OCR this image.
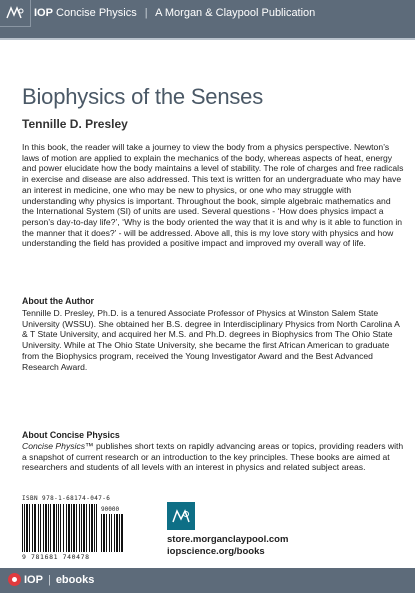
IOP Concise Physics | A Morgan & Claypool Publication
Biophysics of the Senses
Tennille D. Presley
In this book, the reader will take a journey to view the body from a physics perspective. Newton’s laws of motion are applied to explain the mechanics of the body, whereas aspects of heat, energy and power elucidate how the body maintains a level of stability. The role of charges and free radicals in exercise and disease are also addressed. This text is written for an undergraduate who may have an interest in medicine, one who may be new to physics, or one who may struggle with understanding why physics is important. Throughout the book, simple algebraic mathematics and the International System (SI) of units are used. Several questions - ‘How does physics impact a person’s day-to-day life?’, ‘Why is the body oriented the way that it is and why is it able to function in the manner that it does?’ - will be addressed. Above all, this is my love story with physics and how understanding the field has provided a positive impact and improved my overall way of life.
About the Author
Tennille D. Presley, Ph.D. is a tenured Associate Professor of Physics at Winston Salem State University (WSSU). She obtained her B.S. degree in Interdisciplinary Physics from North Carolina A & T State University, and acquired her M.S. and Ph.D. degrees in Biophysics from The Ohio State University. While at The Ohio State University, she became the first African American to graduate from the Biophysics program, received the Young Investigator Award and the Best Advanced Research Award.
About Concise Physics
Concise Physics™ publishes short texts on rapidly advancing areas or topics, providing readers with a snapshot of current research or an introduction to the key principles. These books are aimed at researchers and students of all levels with an interest in physics and related subject areas.
ISBN 978-1-68174-047-6
90000
9 781681 740478
store.morganclaypool.com
iopscience.org/books
IOP | ebooks
